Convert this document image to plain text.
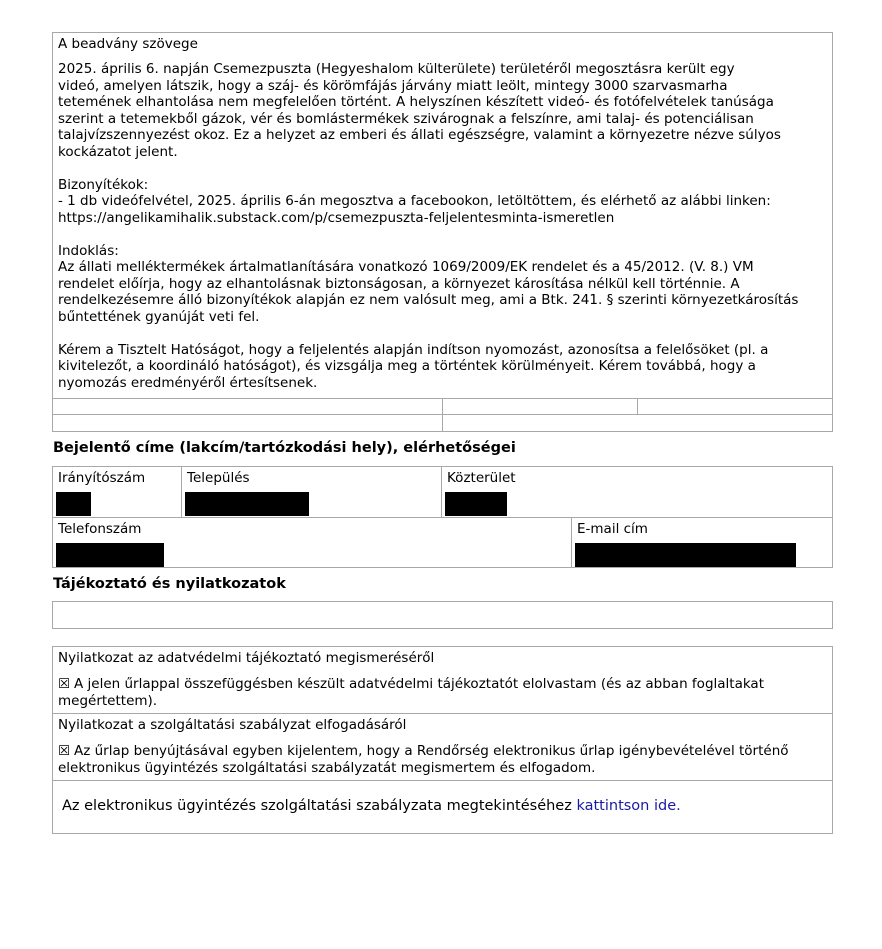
A beadvány szövege
2025. április 6. napján Csemezpuszta (Hegyeshalom külterülete) területéről megosztásra került egy
videó, amelyen látszik, hogy a száj- és körömfájás járvány miatt leölt, mintegy 3000 szarvasmarha
tetemének elhantolása nem megfelelően történt. A helyszínen készített videó- és fotófelvételek tanúsága
szerint a tetemekből gázok, vér és bomlástermékek szivárognak a felszínre, ami talaj- és potenciálisan
talajvízszennyezést okoz. Ez a helyzet az emberi és állati egészségre, valamint a környezetre nézve súlyos
kockázatot jelent.
Bizonyítékok:
- 1 db videófelvétel, 2025. április 6-án megosztva a facebookon, letöltöttem, és elérhető az alábbi linken:
https://angelikamihalik.substack.com/p/csemezpuszta-feljelentesminta-ismeretlen
Indoklás:
Az állati melléktermékek ártalmatlanítására vonatkozó 1069/2009/EK rendelet és a 45/2012. (V. 8.) VM
rendelet előírja, hogy az elhantolásnak biztonságosan, a környezet károsítása nélkül kell történnie. A
rendelkezésemre álló bizonyítékok alapján ez nem valósult meg, ami a Btk. 241. § szerinti környezetkárosítás
bűntettének gyanúját veti fel.
Kérem a Tisztelt Hatóságot, hogy a feljelentés alapján indítson nyomozást, azonosítsa a felelősöket (pl. a
kivitelezőt, a koordináló hatóságot), és vizsgálja meg a történtek körülményeit. Kérem továbbá, hogy a
nyomozás eredményéről értesítsenek.
Bejelentő címe (lakcím/tartózkodási hely), elérhetőségei
Irányítószám	Település	Közterület
Telefonszám	E-mail cím
Tájékoztató és nyilatkozatok
Nyilatkozat az adatvédelmi tájékoztató megismeréséről
☒ A jelen űrlappal összefüggésben készült adatvédelmi tájékoztatót elolvastam (és az abban foglaltakat
megértettem).
Nyilatkozat a szolgáltatási szabályzat elfogadásáról
☒ Az űrlap benyújtásával egyben kijelentem, hogy a Rendőrség elektronikus űrlap igénybevételével történő
elektronikus ügyintézés szolgáltatási szabályzatát megismertem és elfogadom.
Az elektronikus ügyintézés szolgáltatási szabályzata megtekintéséhez kattintson ide.
